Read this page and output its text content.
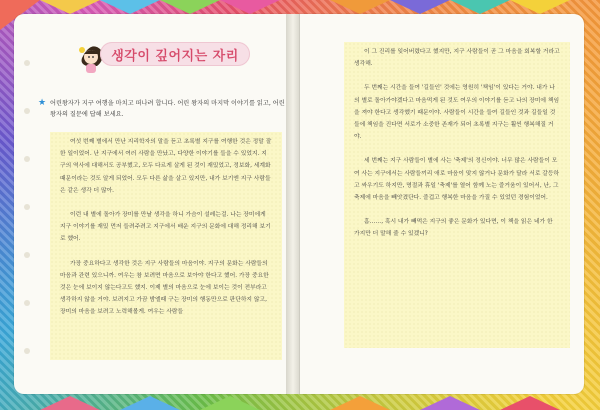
생각이 깊어지는 자리
★ 어린왕자가 지구 여행을 마치고 떠나려 합니다. 어린 왕자의 마지막 이야기를 읽고, 어린 왕자의 질문에 답해 보세요.

여섯 번째 별에서 만난 지리학자의 말을 듣고 초록별 지구를 여행한 것은 정말 잘한 일이었어. 난 지구에서 여러 사람을 만났고, 다양한 이야기를 들을 수 있었지. 지구의 역사에 대해서도 공부했고, 모두 다르게 살게 된 것이 재밌었고, 정보화, 세계화 때문이라는 것도 알게 되었어. 모두 다른 삶을 살고 있지만, 내가 보기엔 지구 사람들은 같은 생각 더 많아.

이런 내 별에 돌아가 장미를 만날 생각을 하니 가슴이 설레는걸. 나는 장미에게 지구 이야기를 재밌 먼저 들려주려고 지구에서 배운 지구의 문화에 대해 정리해 보기로 했어.

가장 중요하다고 생각한 것은 지구 사람들의 마음이야. 지구의 문화는 사람들의 마음과 관련 있으니까. 여우는 참 보려면 마음으로 보아야 한다고 했어. 가장 중요한 것은 눈에 보이지 않는다고도 했지. 이제 별의 마음으로 눈에 보이는 것이 전부라고 생각하지 않을 거야. 보려지고 가끔 밤엘때 구는 장미의 행동만으로 판단하지 않고, 장미의 마음을 보려고 노력해볼게. 여우는 사람들

이 그 진리를 잊어버렸다고 했지만, 지구 사람들이 곧 그 마음을 회복할 거라고 생각해.

두 번째는 시간을 들여 '길들인' 것에는 영원히 '책임'이 있다는 거야. 내가 나의 별로 돌아가야겠다고 마음먹게 된 것도 여우의 이야기를 듣고 나의 장미에 책임을 져야 한다고 생각했기 때문이야. 사람들이 시간을 들여 길들인 것과 길들일 것들에 책임을 진다면 서로가 소중한 존재가 되어 초록별 지구는 훨씬 행복해질 거야.

세 번째는 지구 사람들이 별에 사는 '축제'의 정신이야. 너무 많은 사람들이 모여 사는 지구에서는 사람들끼리 애로 마음이 맞지 않거나 문화가 달라 서로 갈등하고 싸우기도 하지만, 명절과 휴일 '축제'를 열어 함께 노는 즐거움이 있어서, 난, 그 축제에 마음을 빼앗겼단다. 즐겁고 행복한 마음을 가질 수 있었던 경험이었어.

흠……, 혹시 내가 빼먹은 지구의 좋은 문화가 있다면, 이 책을 읽은 네가 한 가지만 더 말해 줄 수 있겠니?
